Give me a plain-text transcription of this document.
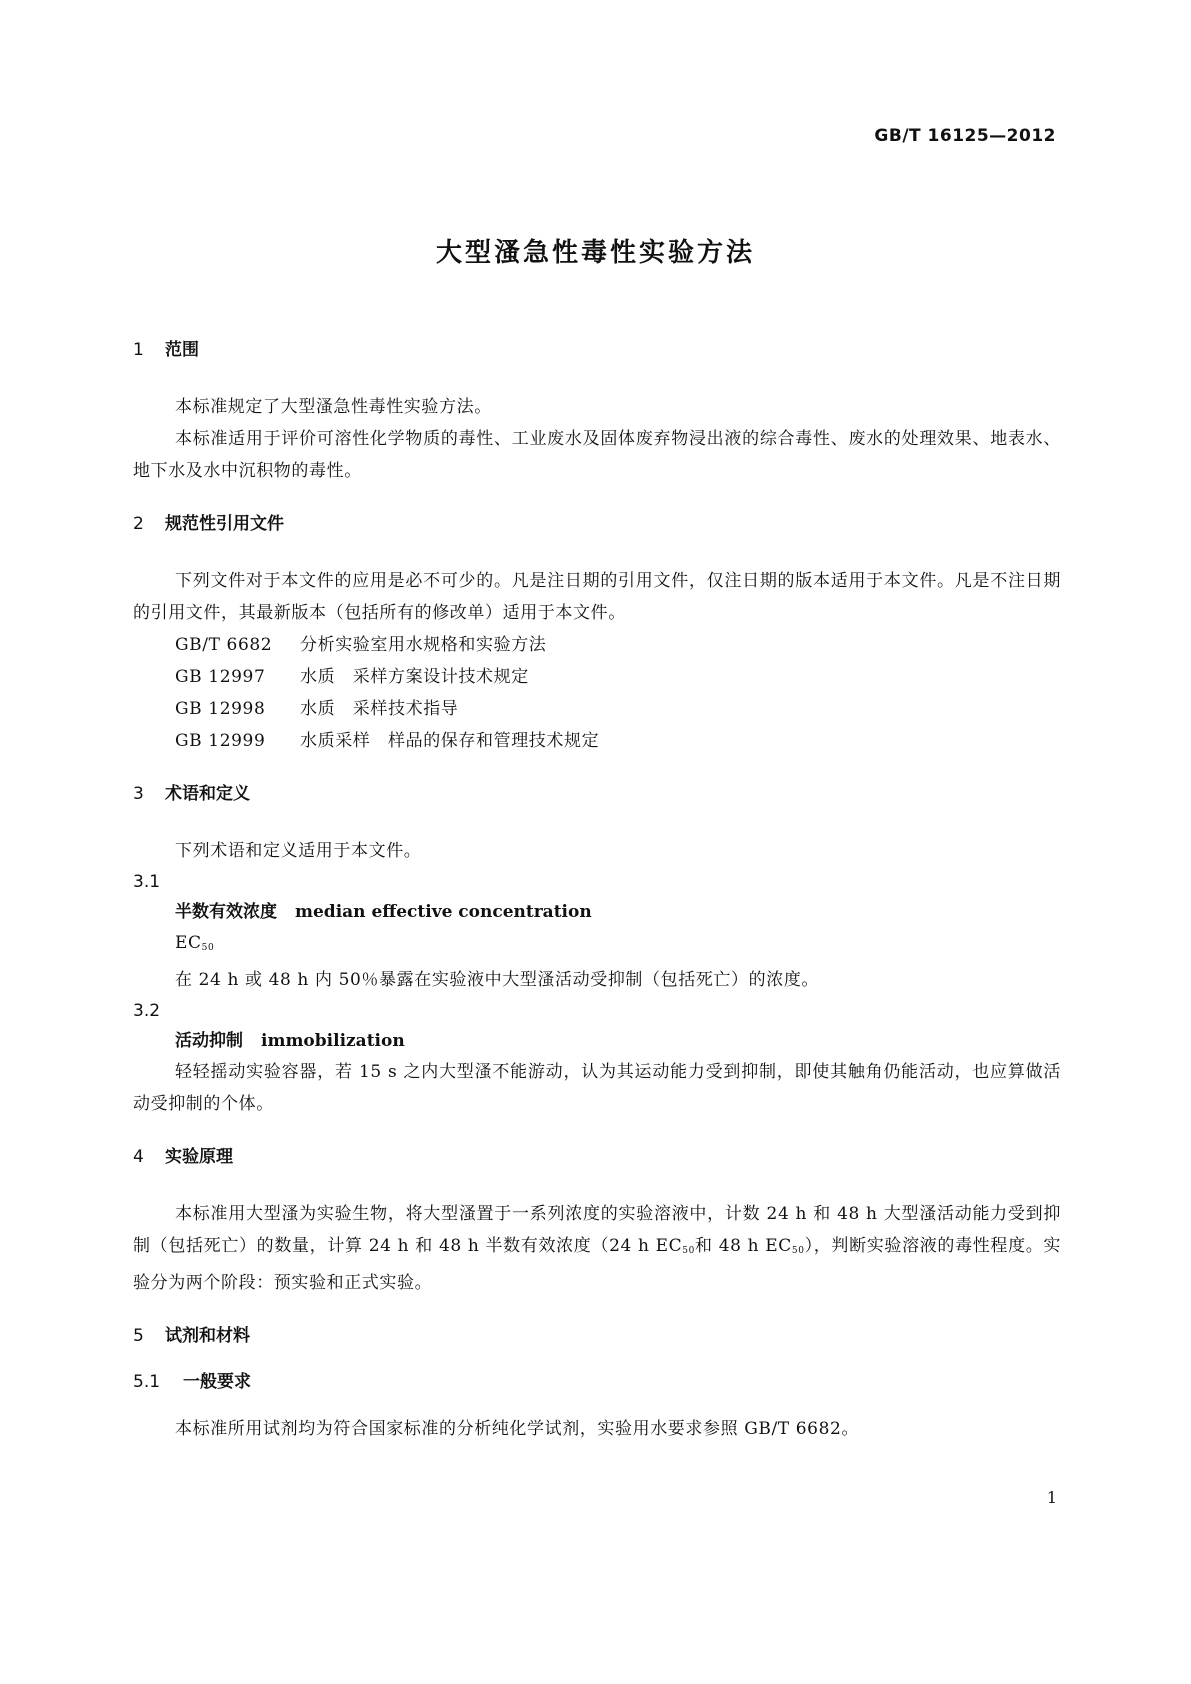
GB/T 16125—2012
大型溞急性毒性实验方法
1 范围
本标准规定了大型溞急性毒性实验方法。
本标准适用于评价可溶性化学物质的毒性、工业废水及固体废弃物浸出液的综合毒性、废水的处理效果、地表水、地下水及水中沉积物的毒性。
2 规范性引用文件
下列文件对于本文件的应用是必不可少的。凡是注日期的引用文件，仅注日期的版本适用于本文件。凡是不注日期的引用文件，其最新版本（包括所有的修改单）适用于本文件。
GB/T 6682 分析实验室用水规格和实验方法
GB 12997 水质　采样方案设计技术规定
GB 12998 水质　采样技术指导
GB 12999 水质采样　样品的保存和管理技术规定
3 术语和定义
下列术语和定义适用于本文件。
3.1
半数有效浓度 median effective concentration
$EC_{50}$
在 24 h 或 48 h 内 50％暴露在实验液中大型溞活动受抑制（包括死亡）的浓度。
3.2
活动抑制 immobilization
轻轻摇动实验容器，若 15 s 之内大型溞不能游动，认为其运动能力受到抑制，即使其触角仍能活动，也应算做活动受抑制的个体。
4 实验原理
本标准用大型溞为实验生物，将大型溞置于一系列浓度的实验溶液中，计数 24 h 和 48 h 大型溞活动能力受到抑制（包括死亡）的数量，计算 24 h 和 48 h 半数有效浓度（24 h $EC_{50}$和 48 h $EC_{50}$），判断实验溶液的毒性程度。实验分为两个阶段：预实验和正式实验。
5 试剂和材料
5.1 一般要求
本标准所用试剂均为符合国家标准的分析纯化学试剂，实验用水要求参照 GB/T 6682。
1
